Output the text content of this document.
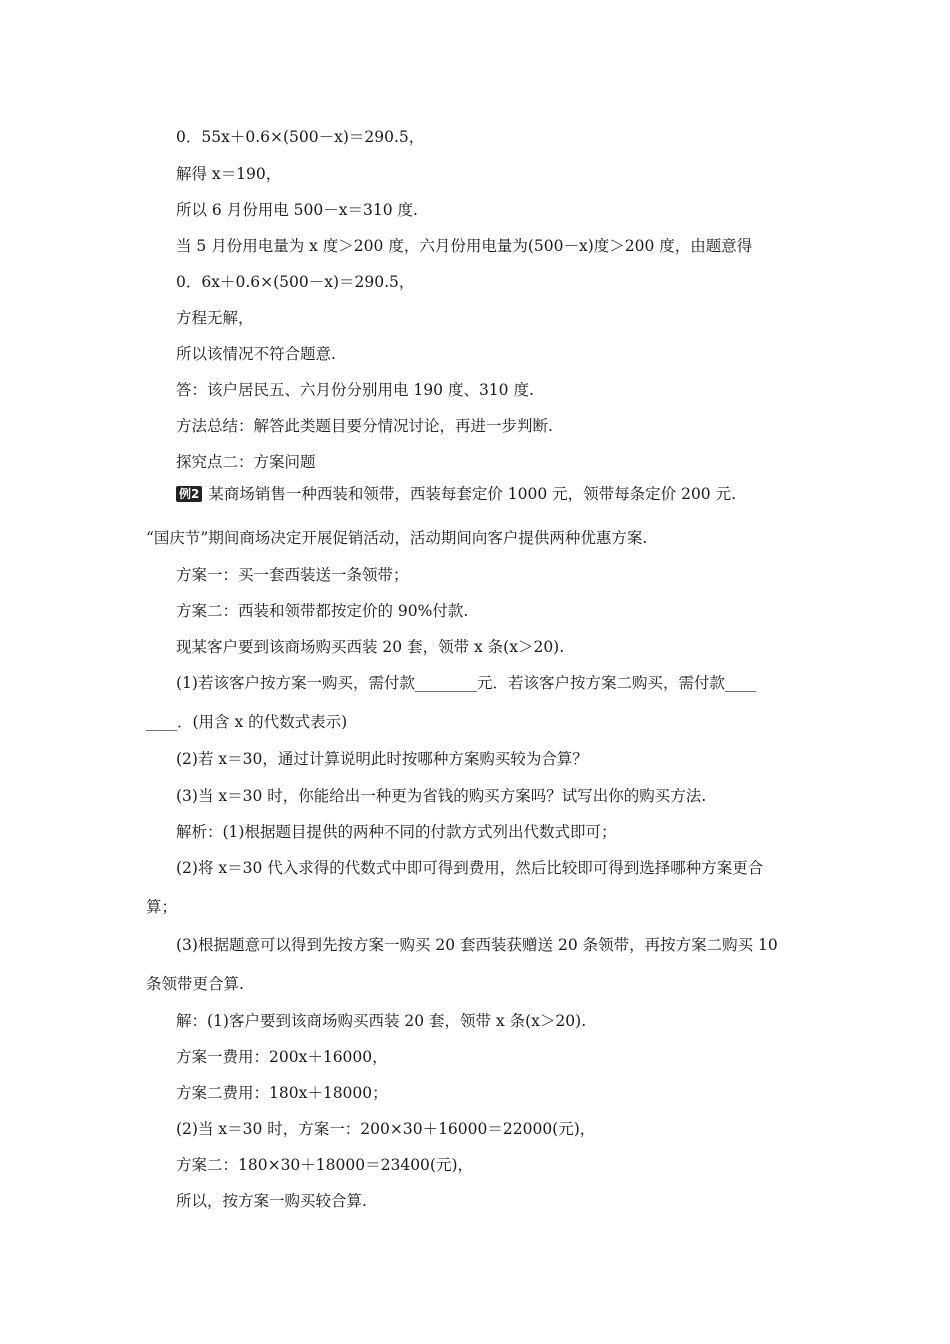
0．55x＋0.6×(500－x)＝290.5，
解得 x＝190，
所以 6 月份用电 500－x＝310 度.
当 5 月份用电量为 x 度＞200 度，六月份用电量为(500－x)度＞200 度，由题意得
0．6x＋0.6×(500－x)＝290.5，
方程无解，
所以该情况不符合题意.
答：该户居民五、六月份分别用电 190 度、310 度.
方法总结：解答此类题目要分情况讨论，再进一步判断.
探究点二：方案问题
例2 某商场销售一种西装和领带，西装每套定价 1000 元，领带每条定价 200 元.
“国庆节”期间商场决定开展促销活动，活动期间向客户提供两种优惠方案.
方案一：买一套西装送一条领带；
方案二：西装和领带都按定价的 90%付款.
现某客户要到该商场购买西装 20 套，领带 x 条(x＞20).
(1)若该客户按方案一购买，需付款________元．若该客户按方案二购买，需付款____
____．(用含 x 的代数式表示)
(2)若 x＝30，通过计算说明此时按哪种方案购买较为合算？
(3)当 x＝30 时，你能给出一种更为省钱的购买方案吗？试写出你的购买方法.
解析：(1)根据题目提供的两种不同的付款方式列出代数式即可；
(2)将 x＝30 代入求得的代数式中即可得到费用，然后比较即可得到选择哪种方案更合
算；
(3)根据题意可以得到先按方案一购买 20 套西装获赠送 20 条领带，再按方案二购买 10
条领带更合算.
解：(1)客户要到该商场购买西装 20 套，领带 x 条(x＞20).
方案一费用：200x＋16000，
方案二费用：180x＋18000；
(2)当 x＝30 时，方案一：200×30＋16000＝22000(元)，
方案二：180×30＋18000＝23400(元)，
所以，按方案一购买较合算.
